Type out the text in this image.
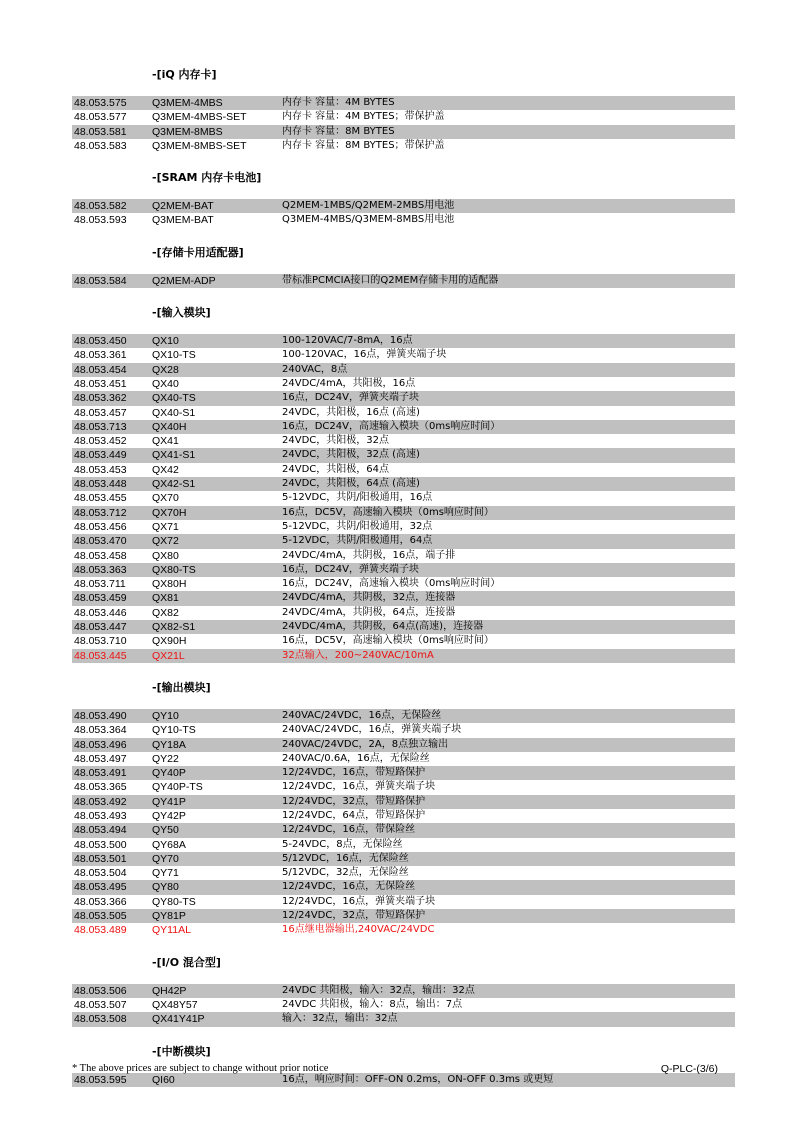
-[iQ 内存卡]
48.053.575	Q3MEM-4MBS	内存卡 容量：4M BYTES
48.053.577	Q3MEM-4MBS-SET	内存卡 容量：4M BYTES；带保护盖
48.053.581	Q3MEM-8MBS	内存卡 容量：8M BYTES
48.053.583	Q3MEM-8MBS-SET	内存卡 容量：8M BYTES；带保护盖
-[SRAM 内存卡电池]
48.053.582	Q2MEM-BAT	Q2MEM-1MBS/Q2MEM-2MBS用电池
48.053.593	Q3MEM-BAT	Q3MEM-4MBS/Q3MEM-8MBS用电池
-[存储卡用适配器]
48.053.584	Q2MEM-ADP	带标准PCMCIA接口的Q2MEM存储卡用的适配器
-[输入模块]
48.053.450	QX10	100-120VAC/7-8mA，16点
48.053.361	QX10-TS	100-120VAC，16点，弹簧夹端子块
48.053.454	QX28	240VAC，8点
48.053.451	QX40	24VDC/4mA，共阳极，16点
48.053.362	QX40-TS	16点，DC24V，弹簧夹端子块
48.053.457	QX40-S1	24VDC，共阳极，16点 (高速)
48.053.713	QX40H	16点，DC24V，高速输入模块（0ms响应时间）
48.053.452	QX41	24VDC，共阳极，32点
48.053.449	QX41-S1	24VDC，共阳极，32点 (高速)
48.053.453	QX42	24VDC，共阳极，64点
48.053.448	QX42-S1	24VDC，共阳极，64点 (高速)
48.053.455	QX70	5-12VDC，共阴/阳极通用，16点
48.053.712	QX70H	16点，DC5V，高速输入模块（0ms响应时间）
48.053.456	QX71	5-12VDC，共阴/阳极通用，32点
48.053.470	QX72	5-12VDC，共阴/阳极通用，64点
48.053.458	QX80	24VDC/4mA，共阴极，16点，端子排
48.053.363	QX80-TS	16点，DC24V，弹簧夹端子块
48.053.711	QX80H	16点，DC24V，高速输入模块（0ms响应时间）
48.053.459	QX81	24VDC/4mA，共阴极，32点，连接器
48.053.446	QX82	24VDC/4mA，共阴极，64点，连接器
48.053.447	QX82-S1	24VDC/4mA，共阴极，64点(高速)，连接器
48.053.710	QX90H	16点，DC5V，高速输入模块（0ms响应时间）
48.053.445	QX21L	32点输入，200~240VAC/10mA
-[输出模块]
48.053.490	QY10	240VAC/24VDC，16点，无保险丝
48.053.364	QY10-TS	240VAC/24VDC，16点，弹簧夹端子块
48.053.496	QY18A	240VAC/24VDC，2A，8点独立输出
48.053.497	QY22	240VAC/0.6A，16点，无保险丝
48.053.491	QY40P	12/24VDC，16点，带短路保护
48.053.365	QY40P-TS	12/24VDC，16点，弹簧夹端子块
48.053.492	QY41P	12/24VDC，32点，带短路保护
48.053.493	QY42P	12/24VDC，64点，带短路保护
48.053.494	QY50	12/24VDC，16点，带保险丝
48.053.500	QY68A	5-24VDC，8点，无保险丝
48.053.501	QY70	5/12VDC，16点，无保险丝
48.053.504	QY71	5/12VDC，32点，无保险丝
48.053.495	QY80	12/24VDC，16点，无保险丝
48.053.366	QY80-TS	12/24VDC，16点，弹簧夹端子块
48.053.505	QY81P	12/24VDC，32点，带短路保护
48.053.489	QY11AL	16点继电器输出,240VAC/24VDC
-[I/O 混合型]
48.053.506	QH42P	24VDC 共阳极，输入：32点，输出：32点
48.053.507	QX48Y57	24VDC 共阳极，输入：8点，输出：7点
48.053.508	QX41Y41P	输入：32点，输出：32点
-[中断模块]
48.053.595	QI60	16点，响应时间：OFF-ON 0.2ms，ON-OFF 0.3ms 或更短
* The above prices are subject to change without prior notice	Q-PLC-(3/6)
